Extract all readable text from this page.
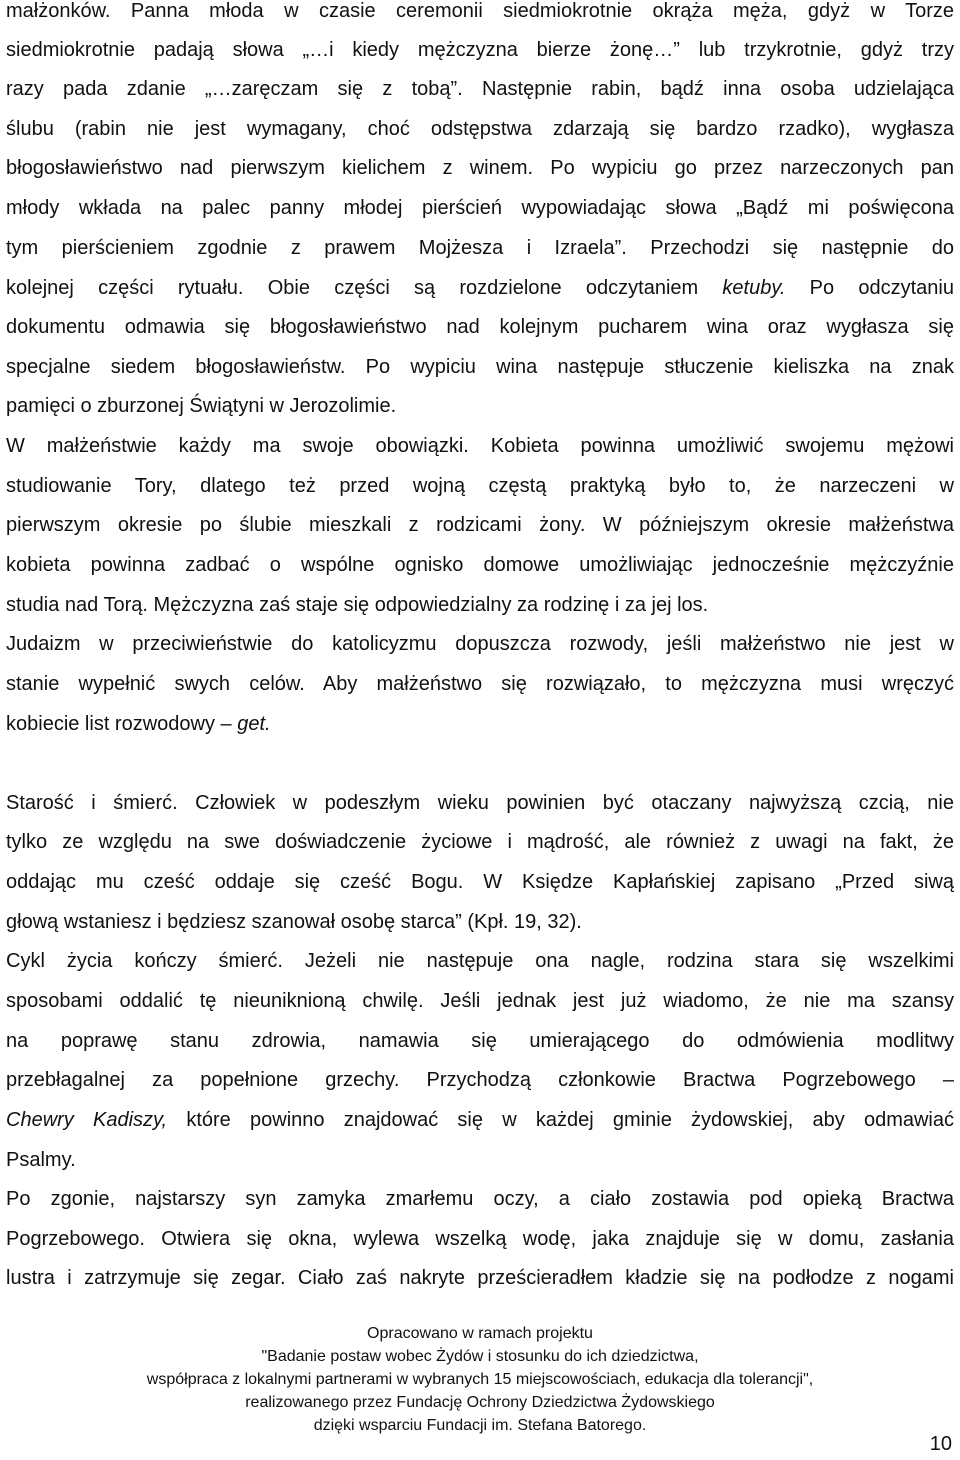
małżonków. Panna młoda w czasie ceremonii siedmiokrotnie okrąża męża, gdyż w Torze
siedmiokrotnie padają słowa „…i kiedy mężczyzna bierze żonę…” lub trzykrotnie, gdyż trzy
razy pada zdanie „…zaręczam się z tobą”. Następnie rabin, bądź inna osoba udzielająca
ślubu (rabin nie jest wymagany, choć odstępstwa zdarzają się bardzo rzadko), wygłasza
błogosławieństwo nad pierwszym kielichem z winem. Po wypiciu go przez narzeczonych pan
młody wkłada na palec panny młodej pierścień wypowiadając słowa „Bądź mi poświęcona
tym pierścieniem zgodnie z prawem Mojżesza i Izraela”. Przechodzi się następnie do
kolejnej części rytuału. Obie części są rozdzielone odczytaniem ketuby. Po odczytaniu
dokumentu odmawia się błogosławieństwo nad kolejnym pucharem wina oraz wygłasza się
specjalne siedem błogosławieństw. Po wypiciu wina następuje stłuczenie kieliszka na znak
pamięci o zburzonej Świątyni w Jerozolimie.
W małżeństwie każdy ma swoje obowiązki. Kobieta powinna umożliwić swojemu mężowi
studiowanie Tory, dlatego też przed wojną częstą praktyką było to, że narzeczeni w
pierwszym okresie po ślubie mieszkali z rodzicami żony. W późniejszym okresie małżeństwa
kobieta powinna zadbać o wspólne ognisko domowe umożliwiając jednocześnie mężczyźnie
studia nad Torą. Mężczyzna zaś staje się odpowiedzialny za rodzinę i za jej los.
Judaizm w przeciwieństwie do katolicyzmu dopuszcza rozwody, jeśli małżeństwo nie jest w
stanie wypełnić swych celów. Aby małżeństwo się rozwiązało, to mężczyzna musi wręczyć
kobiecie list rozwodowy – get.
Starość i śmierć. Człowiek w podeszłym wieku powinien być otaczany najwyższą czcią, nie
tylko ze względu na swe doświadczenie życiowe i mądrość, ale również z uwagi na fakt, że
oddając mu cześć oddaje się cześć Bogu. W Księdze Kapłańskiej zapisano „Przed siwą
głową wstaniesz i będziesz szanował osobę starca” (Kpł. 19, 32).
Cykl życia kończy śmierć. Jeżeli nie następuje ona nagle, rodzina stara się wszelkimi
sposobami oddalić tę nieuniknioną chwilę. Jeśli jednak jest już wiadomo, że nie ma szansy
na poprawę stanu zdrowia, namawia się umierającego do odmówienia modlitwy
przebłagalnej za popełnione grzechy. Przychodzą członkowie Bractwa Pogrzebowego –
Chewry Kadiszy, które powinno znajdować się w każdej gminie żydowskiej, aby odmawiać
Psalmy.
Po zgonie, najstarszy syn zamyka zmarłemu oczy, a ciało zostawia pod opieką Bractwa
Pogrzebowego. Otwiera się okna, wylewa wszelką wodę, jaka znajduje się w domu, zasłania
lustra i zatrzymuje się zegar. Ciało zaś nakryte prześcieradłem kładzie się na podłodze z nogami
Opracowano w ramach projektu
"Badanie postaw wobec Żydów i stosunku do ich dziedzictwa,
współpraca z lokalnymi partnerami w wybranych 15 miejscowościach, edukacja dla tolerancji",
realizowanego przez Fundację Ochrony Dziedzictwa Żydowskiego
dzięki wsparciu Fundacji im. Stefana Batorego.
10
